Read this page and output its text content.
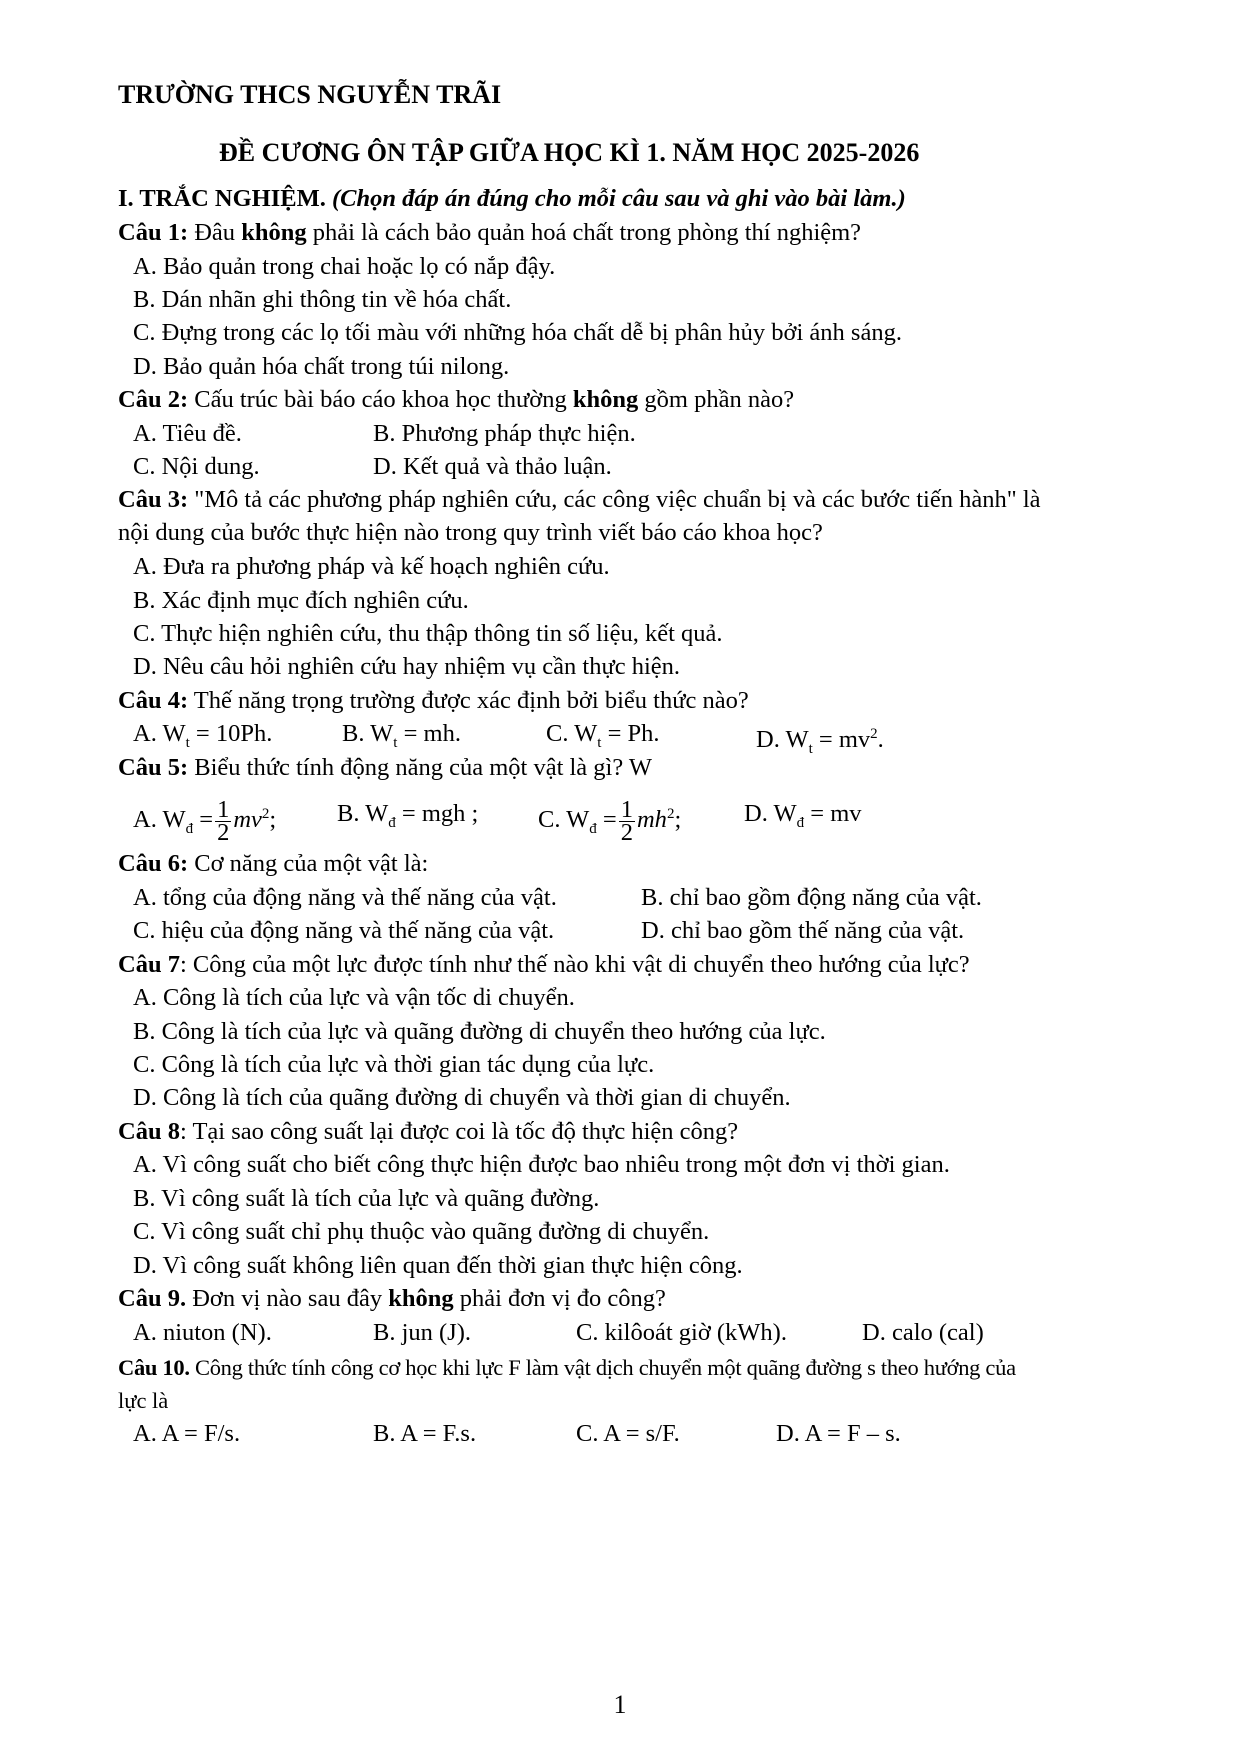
TRƯỜNG THCS NGUYỄN TRÃI
ĐỀ CƯƠNG ÔN TẬP GIỮA HỌC KÌ 1. NĂM HỌC 2025-2026
I. TRẮC NGHIỆM. (Chọn đáp án đúng cho mỗi câu sau và ghi vào bài làm.)
Câu 1: Đâu không phải là cách bảo quản hoá chất trong phòng thí nghiệm?
A. Bảo quản trong chai hoặc lọ có nắp đậy.
B. Dán nhãn ghi thông tin về hóa chất.
C. Đựng trong các lọ tối màu với những hóa chất dễ bị phân hủy bởi ánh sáng.
D. Bảo quản hóa chất trong túi nilong.
Câu 2: Cấu trúc bài báo cáo khoa học thường không gồm phần nào?
A. Tiêu đề.	B. Phương pháp thực hiện.
C. Nội dung.	D. Kết quả và thảo luận.
Câu 3: "Mô tả các phương pháp nghiên cứu, các công việc chuẩn bị và các bước tiến hành" là
nội dung của bước thực hiện nào trong quy trình viết báo cáo khoa học?
A. Đưa ra phương pháp và kế hoạch nghiên cứu.
B. Xác định mục đích nghiên cứu.
C. Thực hiện nghiên cứu, thu thập thông tin số liệu, kết quả.
D. Nêu câu hỏi nghiên cứu hay nhiệm vụ cần thực hiện.
Câu 4: Thế năng trọng trường được xác định bởi biểu thức nào?
A. $W_t = 10Ph$.	B. $W_t$ = mh.	C. $W_t = Ph$.	D. $W_t = mv^2$.
Câu 5: Biểu thức tính động năng của một vật là gì? W
A. $W_đ = \frac{1}{2} mv^2$; B. $W_đ$ = mgh ; C. $W_đ = \frac{1}{2} mh^2$;	D. $W_đ$ = mv
Câu 6: Cơ năng của một vật là:
A. tổng của động năng và thế năng của vật.	B. chỉ bao gồm động năng của vật.
C. hiệu của động năng và thế năng của vật.	D. chỉ bao gồm thế năng của vật.
Câu 7: Công của một lực được tính như thế nào khi vật di chuyển theo hướng của lực?
A. Công là tích của lực và vận tốc di chuyển.
B. Công là tích của lực và quãng đường di chuyển theo hướng của lực.
C. Công là tích của lực và thời gian tác dụng của lực.
D. Công là tích của quãng đường di chuyển và thời gian di chuyển.
Câu 8: Tại sao công suất lại được coi là tốc độ thực hiện công?
A. Vì công suất cho biết công thực hiện được bao nhiêu trong một đơn vị thời gian.
B. Vì công suất là tích của lực và quãng đường.
C. Vì công suất chỉ phụ thuộc vào quãng đường di chuyển.
D. Vì công suất không liên quan đến thời gian thực hiện công.
Câu 9. Đơn vị nào sau đây không phải đơn vị đo công?
A. niuton (N).	B. jun (J).	C. kilôoát giờ (kWh).	D. calo (cal)
Câu 10. Công thức tính công cơ học khi lực F làm vật dịch chuyển một quãng đường s theo hướng của
lực là
A. A = F/s.	B. A = F.s.	C. A = s/F.	D. A = F – s.
1
